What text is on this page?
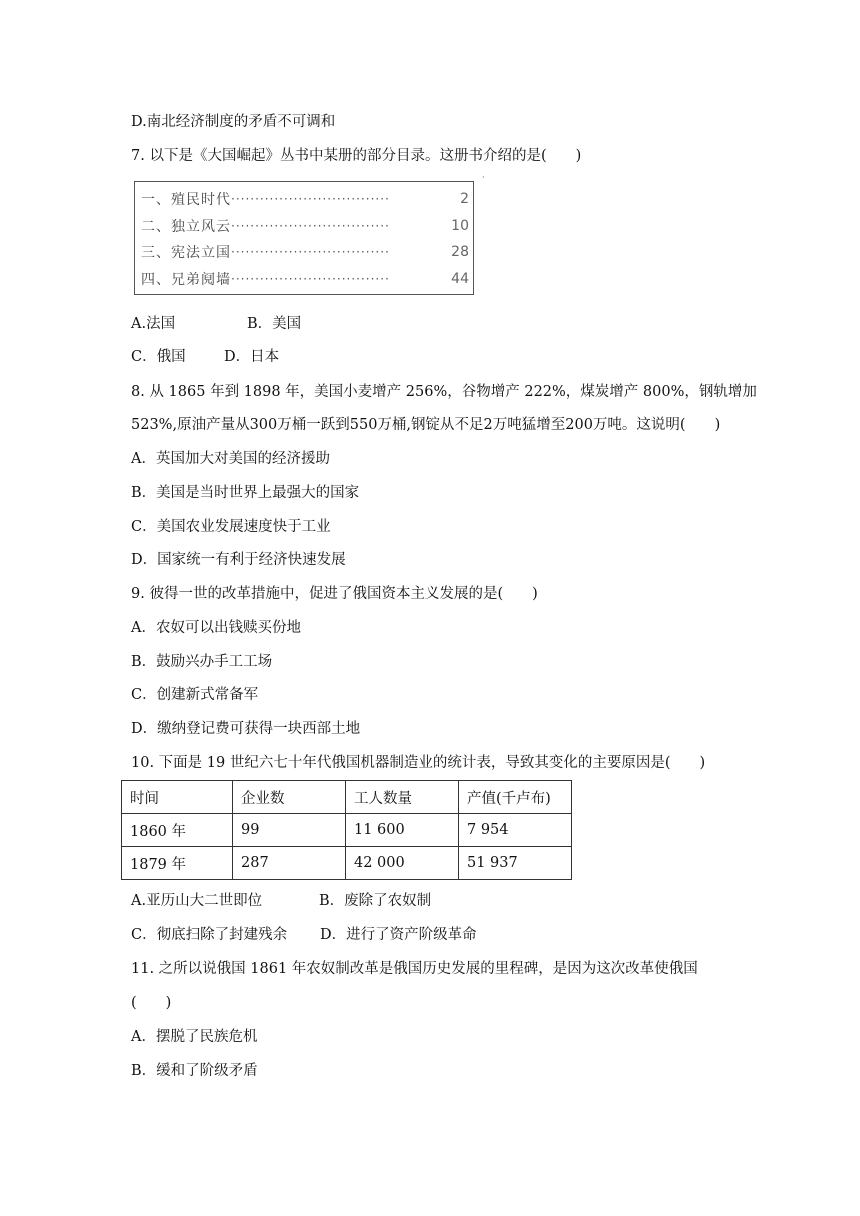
D.南北经济制度的矛盾不可调和
7. 以下是《大国崛起》丛书中某册的部分目录。这册书介绍的是(　　)
·
一、殖民时代 ·································	2
二、独立风云 ·································	10
三、宪法立国 ·································	28
四、兄弟阋墙 ·································	44
A.法国	B．美国
C．俄国	D．日本
8. 从 1865 年到 1898 年，美国小麦增产 256%，谷物增产 222%，煤炭增产 800%，钢轨增加
523%,原油产量从300万桶一跃到550万桶,钢锭从不足2万吨猛增至200万吨。这说明(　　)
A．英国加大对美国的经济援助
B．美国是当时世界上最强大的国家
C．美国农业发展速度快于工业
D．国家统一有利于经济快速发展
9. 彼得一世的改革措施中，促进了俄国资本主义发展的是(　　)
A．农奴可以出钱赎买份地
B．鼓励兴办手工工场
C．创建新式常备军
D．缴纳登记费可获得一块西部土地
10. 下面是 19 世纪六七十年代俄国机器制造业的统计表，导致其变化的主要原因是(　　)
时间	企业数	工人数量	产值(千卢布)
1860 年	99	11 600	7 954
1879 年	287	42 000	51 937
A.亚历山大二世即位	B．废除了农奴制
C．彻底扫除了封建残余 D．进行了资产阶级革命
11. 之所以说俄国 1861 年农奴制改革是俄国历史发展的里程碑，是因为这次改革使俄国
(　　)
A．摆脱了民族危机
B．缓和了阶级矛盾
